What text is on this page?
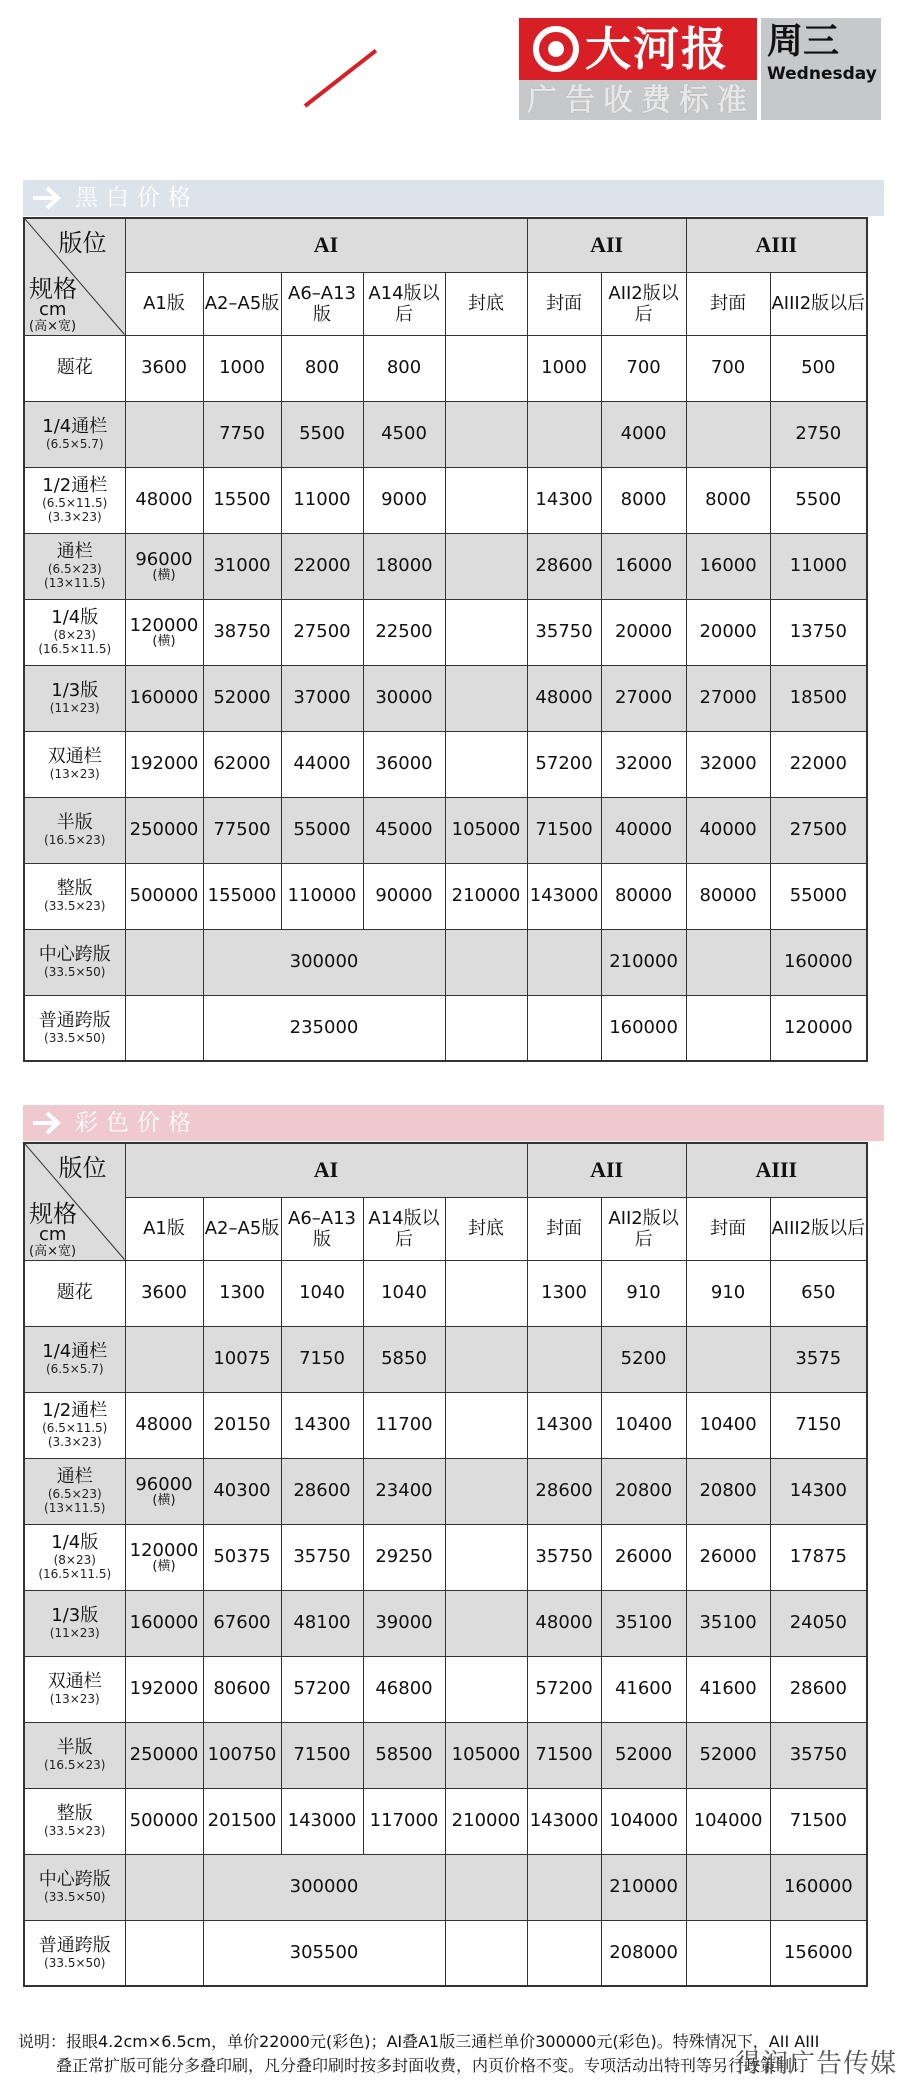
大河报
广告收费标准
周三
Wednesday
黑白价格
彩色价格
版位
规格
cm
(高×宽)	AI					AII		AIII	
	A1版	A2–A5版	A6–A13版	A14版以后	封底	封面	AII2版以后	封面	AIII2版以后

题花	3600	1000	800	800		1000	700	700	500

1/4通栏
(6.5×5.7)		7750	5500	4500			4000		2750

1/2通栏
(6.5×11.5)
(3.3×23)	48000	15500	11000	9000		14300	8000	8000	5500

通栏
(6.5×23)
(13×11.5)	96000
(横)	31000	22000	18000		28600	16000	16000	11000

1/4版
(8×23)
(16.5×11.5)	120000
(横)	38750	27500	22500		35750	20000	20000	13750

1/3版
(11×23)	160000	52000	37000	30000		48000	27000	27000	18500

双通栏
(13×23)	192000	62000	44000	36000		57200	32000	32000	22000

半版
(16.5×23)	250000	77500	55000	45000	105000	71500	40000	40000	27500

整版
(33.5×23)	500000	155000	110000	90000	210000	143000	80000	80000	55000

中心跨版
(33.5×50)		300000					210000		160000

普通跨版
(33.5×50)		235000					160000		120000
版位
规格
cm
(高×宽)	AI					AII		AIII	
	A1版	A2–A5版	A6–A13版	A14版以后	封底	封面	AII2版以后	封面	AIII2版以后

题花	3600	1300	1040	1040		1300	910	910	650

1/4通栏
(6.5×5.7)		10075	7150	5850			5200		3575

1/2通栏
(6.5×11.5)
(3.3×23)	48000	20150	14300	11700		14300	10400	10400	7150

通栏
(6.5×23)
(13×11.5)	96000
(横)	40300	28600	23400		28600	20800	20800	14300

1/4版
(8×23)
(16.5×11.5)	120000
(横)	50375	35750	29250		35750	26000	26000	17875

1/3版
(11×23)	160000	67600	48100	39000		48000	35100	35100	24050

双通栏
(13×23)	192000	80600	57200	46800		57200	41600	41600	28600

半版
(16.5×23)	250000	100750	71500	58500	105000	71500	52000	52000	35750

整版
(33.5×23)	500000	201500	143000	117000	210000	143000	104000	104000	71500

中心跨版
(33.5×50)		300000					210000		160000

普通跨版
(33.5×50)		305500					208000		156000
说明：报眼4.2cm×6.5cm，单价22000元(彩色)；AI叠A1版三通栏单价300000元(彩色)。特殊情况下，AII AIII
叠正常扩版可能分多叠印刷，凡分叠印刷时按多封面收费，内页价格不变。专项活动出特刊等另行政策制订
得润广告传媒
